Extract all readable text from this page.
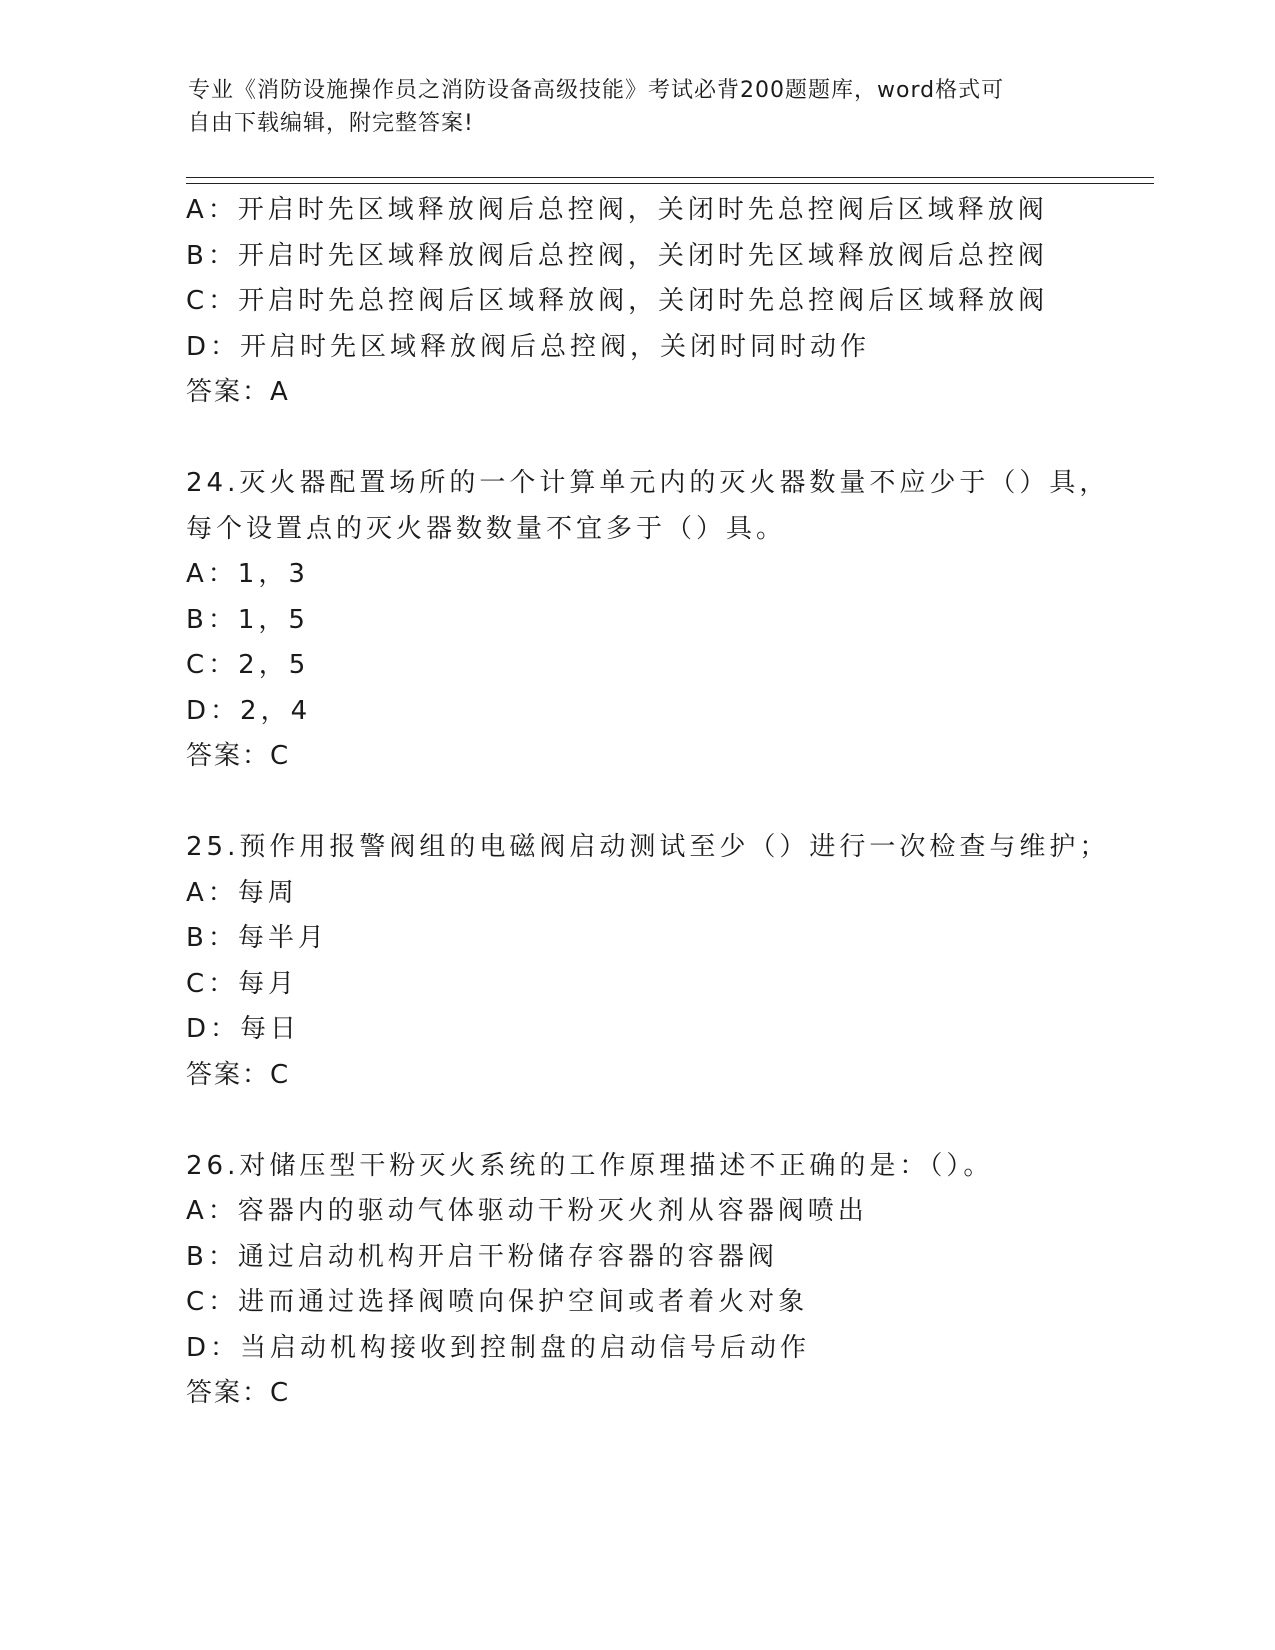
专业《消防设施操作员之消防设备高级技能》考试必背200题题库，word格式可
自由下载编辑，附完整答案!
A：开启时先区域释放阀后总控阀，关闭时先总控阀后区域释放阀
B：开启时先区域释放阀后总控阀，关闭时先区域释放阀后总控阀
C：开启时先总控阀后区域释放阀，关闭时先总控阀后区域释放阀
D：开启时先区域释放阀后总控阀，关闭时同时动作
答案：A
24.灭火器配置场所的一个计算单元内的灭火器数量不应少于（）具，
每个设置点的灭火器数数量不宜多于（）具。
A：1，3
B：1，5
C：2，5
D：2，4
答案：C
25.预作用报警阀组的电磁阀启动测试至少（）进行一次检查与维护；
A：每周
B：每半月
C：每月
D：每日
答案：C
26.对储压型干粉灭火系统的工作原理描述不正确的是：（）。
A：容器内的驱动气体驱动干粉灭火剂从容器阀喷出
B：通过启动机构开启干粉储存容器的容器阀
C：进而通过选择阀喷向保护空间或者着火对象
D：当启动机构接收到控制盘的启动信号后动作
答案：C
